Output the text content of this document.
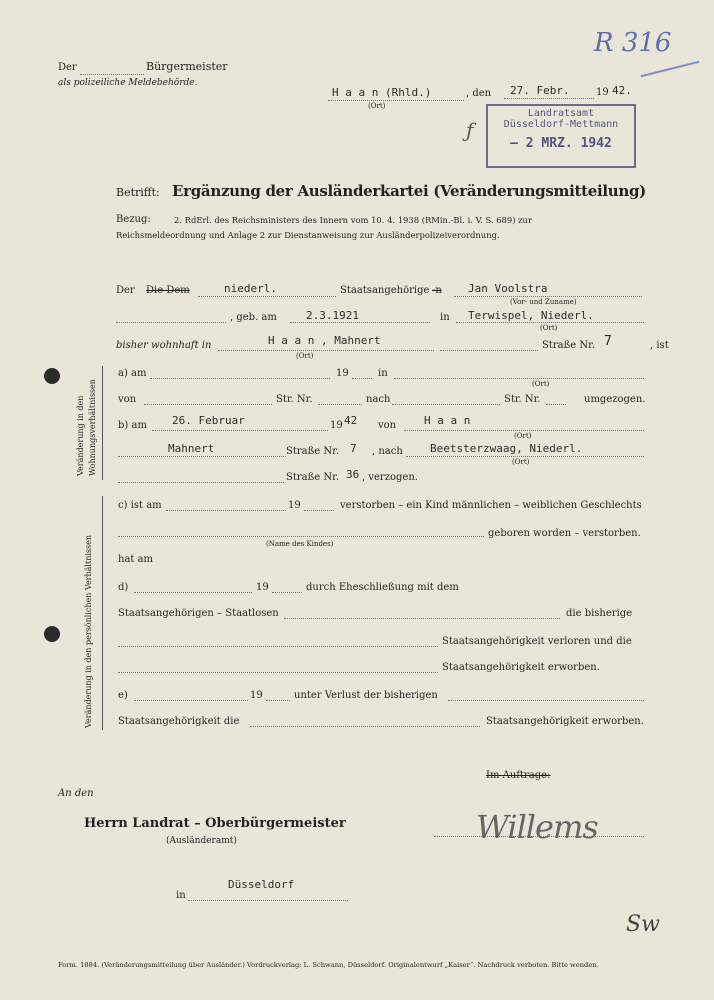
Der	Bürgermeister
als polizeiliche Meldebehörde.
H a a n (Rhld.)
(Ort)
, den 27. Febr.	19 42.
R 316
Landratsamt
Düsseldorf-Mettmann
– 2 MRZ. 1942
ƒ
Betrifft: Ergänzung der Ausländerkartei (Veränderungsmitteilung)
Bezug:	2. RdErl. des Reichsministers des Innern vom 10. 4. 1938 (RMin.-Bl. i. V. S. 689) zur
Reichsmeldeordnung und Anlage 2 zur Dienstanweisung zur Ausländerpolizeiverordnung.
Der Die Dem	niederl.	Staatsangehörige -n Jan Voolstra
(Vor- und Zuname)
, geb. am	2.3.1921	in Terwispel, Niederl.
(Ort)
bisher wohnhaft in	H a a n , Mahnert
(Ort)
Straße Nr. 7	, ist
Veränderung in den Wohnungsverhältnissen
a) am	19	in
(Ort)
von	Str. Nr.	nach	Str. Nr.	umgezogen.
b) am 26. Februar	19 42 von	H a a n
(Ort)
Mahnert	Straße Nr. 7 , nach Beetsterzwaag, Niederl.
(Ort)
Straße Nr. 36 , verzogen.
Veränderung in den persönlichen Verhältnissen
c) ist am	19	verstorben – ein Kind männlichen – weiblichen Geschlechts
(Name des Kindes)
geboren worden – verstorben.
hat am
d)	19	durch Eheschließung mit dem
Staatsangehörigen – Staatlosen	die bisherige
Staatsangehörigkeit verloren und die
Staatsangehörigkeit erworben.
e)	19	unter Verlust der bisherigen
Staatsangehörigkeit die	Staatsangehörigkeit erworben.
Im Auftrage:
An den
Herrn Landrat – Oberbürgermeister
(Ausländeramt)	Willems
in
Düsseldorf
Sw
Form. 1884. (Veränderungsmitteilung über Ausländer.) Vordruckverlag: L. Schwann, Düsseldorf. Originalentwurf „Kaiser“. Nachdruck verboten. Bitte wenden.
